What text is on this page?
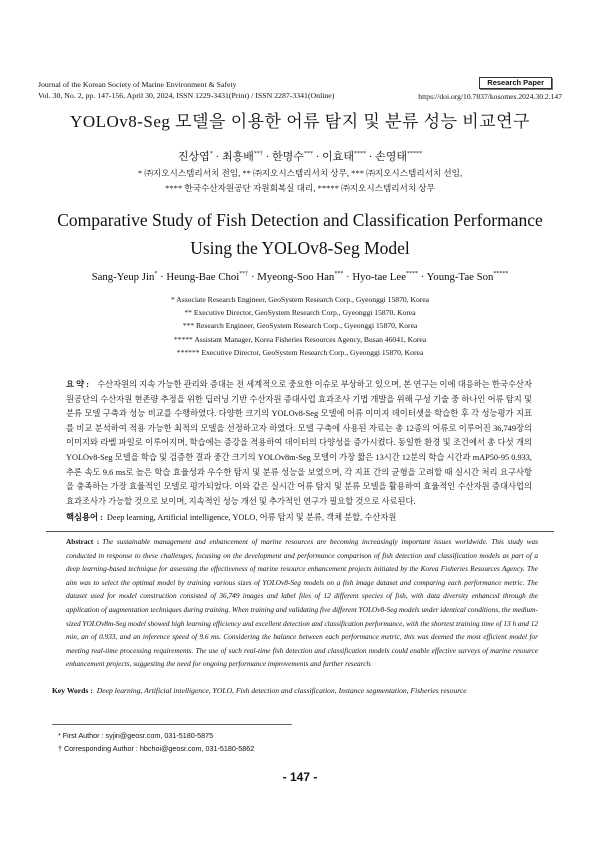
Journal of the Korean Society of Marine Environment & Safety
Vol. 30, No. 2, pp. 147-156, April 30, 2024, ISSN 1229-3431(Print) / ISSN 2287-3341(Online)
Research Paper
https://doi.org/10.7837/kosomes.2024.30.2.147
YOLOv8-Seg 모델을 이용한 어류 탐지 및 분류 성능 비교연구
진상엽* · 최흥배**† · 한명수*** · 이효태**** · 손영태*****
* ㈜지오시스템리서치 전임, ** ㈜지오시스템리서치 상무, *** ㈜지오시스템리서치 선임,
**** 한국수산자원공단 자원회복실 대리, ***** ㈜지오시스템리서치 상무
Comparative Study of Fish Detection and Classification Performance Using the YOLOv8-Seg Model
Sang-Yeup Jin* · Heung-Bae Choi**† · Myeong-Soo Han*** · Hyo-tae Lee**** · Young-Tae Son*****
* Associate Research Engineer, GeoSystem Research Corp., Gyeonggi 15870, Korea
** Executive Director, GeoSystem Research Corp., Gyeonggi 15870, Korea
*** Research Engineer, GeoSystem Research Corp., Gyeonggi 15870, Korea
***** Assistant Manager, Korea Fisheries Resources Agency, Busan 46041, Korea
****** Executive Director, GeoSystem Research Corp., Gyeonggi 15870, Korea
요 약 : 수산자원의 지속 가능한 관리와 증대는 전 세계적으로 중요한 이슈로 부상하고 있으며, 본 연구는 이에 대응하는 한국수산자원공단의 수산자원 현존량 추정을 위한 딥러닝 기반 수산자원 증대사업 효과조사 기법 개발을 위해 구성 기술 중 하나인 어류 탐지 및 분류 모델 구축과 성능 비교를 수행하였다. 다양한 크기의 YOLOv8-Seg 모델에 어류 이미지 데이터셋을 학습한 후 각 성능평가 지표를 비교 분석하여 적용 가능한 최적의 모델을 선정하고자 하였다. 모델 구축에 사용된 자료는 총 12종의 어류로 이루어진 36,749장의 이미지와 라벨 파일로 이루어지며, 학습에는 증강을 적용하여 데이터의 다양성을 증가시켰다. 동일한 환경 및 조건에서 총 다섯 개의 YOLOv8-Seg 모델을 학습 및 검증한 결과 중간 크기의 YOLOv8m-Seg 모델이 가장 짧은 13시간 12분의 학습 시간과 mAP50-95 0.933, 추론 속도 9.6 ms로 높은 학습 효율성과 우수한 탐지 및 분류 성능을 보였으며, 각 지표 간의 균형을 고려할 때 실시간 처리 요구사항을 충족하는 가장 효율적인 모델로 평가되었다. 이와 같은 실시간 어류 탐지 및 분류 모델을 활용하여 효율적인 수산자원 증대사업의 효과조사가 가능할 것으로 보이며, 지속적인 성능 개선 및 추가적인 연구가 필요할 것으로 사료된다.
핵심용어 : Deep learning, Artificial intelligence, YOLO, 어류 탐지 및 분류, 객체 분할, 수산자원
Abstract : The sustainable management and enhancement of marine resources are becoming increasingly important issues worldwide. This study was conducted in response to these challenges, focusing on the development and performance comparison of fish detection and classification models as part of a deep learning-based technique for assessing the effectiveness of marine resource enhancement projects initiated by the Korea Fisheries Resources Agency. The aim was to select the optimal model by training various sizes of YOLOv8-Seg models on a fish image dataset and comparing each performance metric. The dataset used for model construction consisted of 36,749 images and label files of 12 different species of fish, with data diversity enhanced through the application of augmentation techniques during training. When training and validating five different YOLOv8-Seg models under identical conditions, the medium-sized YOLOv8m-Seg model showed high learning efficiency and excellent detection and classification performance, with the shortest training time of 13 h and 12 min, an of 0.933, and an inference speed of 9.6 ms. Considering the balance between each performance metric, this was deemed the most efficient model for meeting real-time processing requirements. The use of such real-time fish detection and classification models could enable effective surveys of marine resource enhancement projects, suggesting the need for ongoing performance improvements and further research.
Key Words : Deep learning, Artificial intelligence, YOLO, Fish detection and classification, Instance segmentation, Fisheries resource
* First Author : syjin@geosr.com, 031-5180-5875
† Corresponding Author : hbchoi@geosr.com, 031-5180-5862
- 147 -
